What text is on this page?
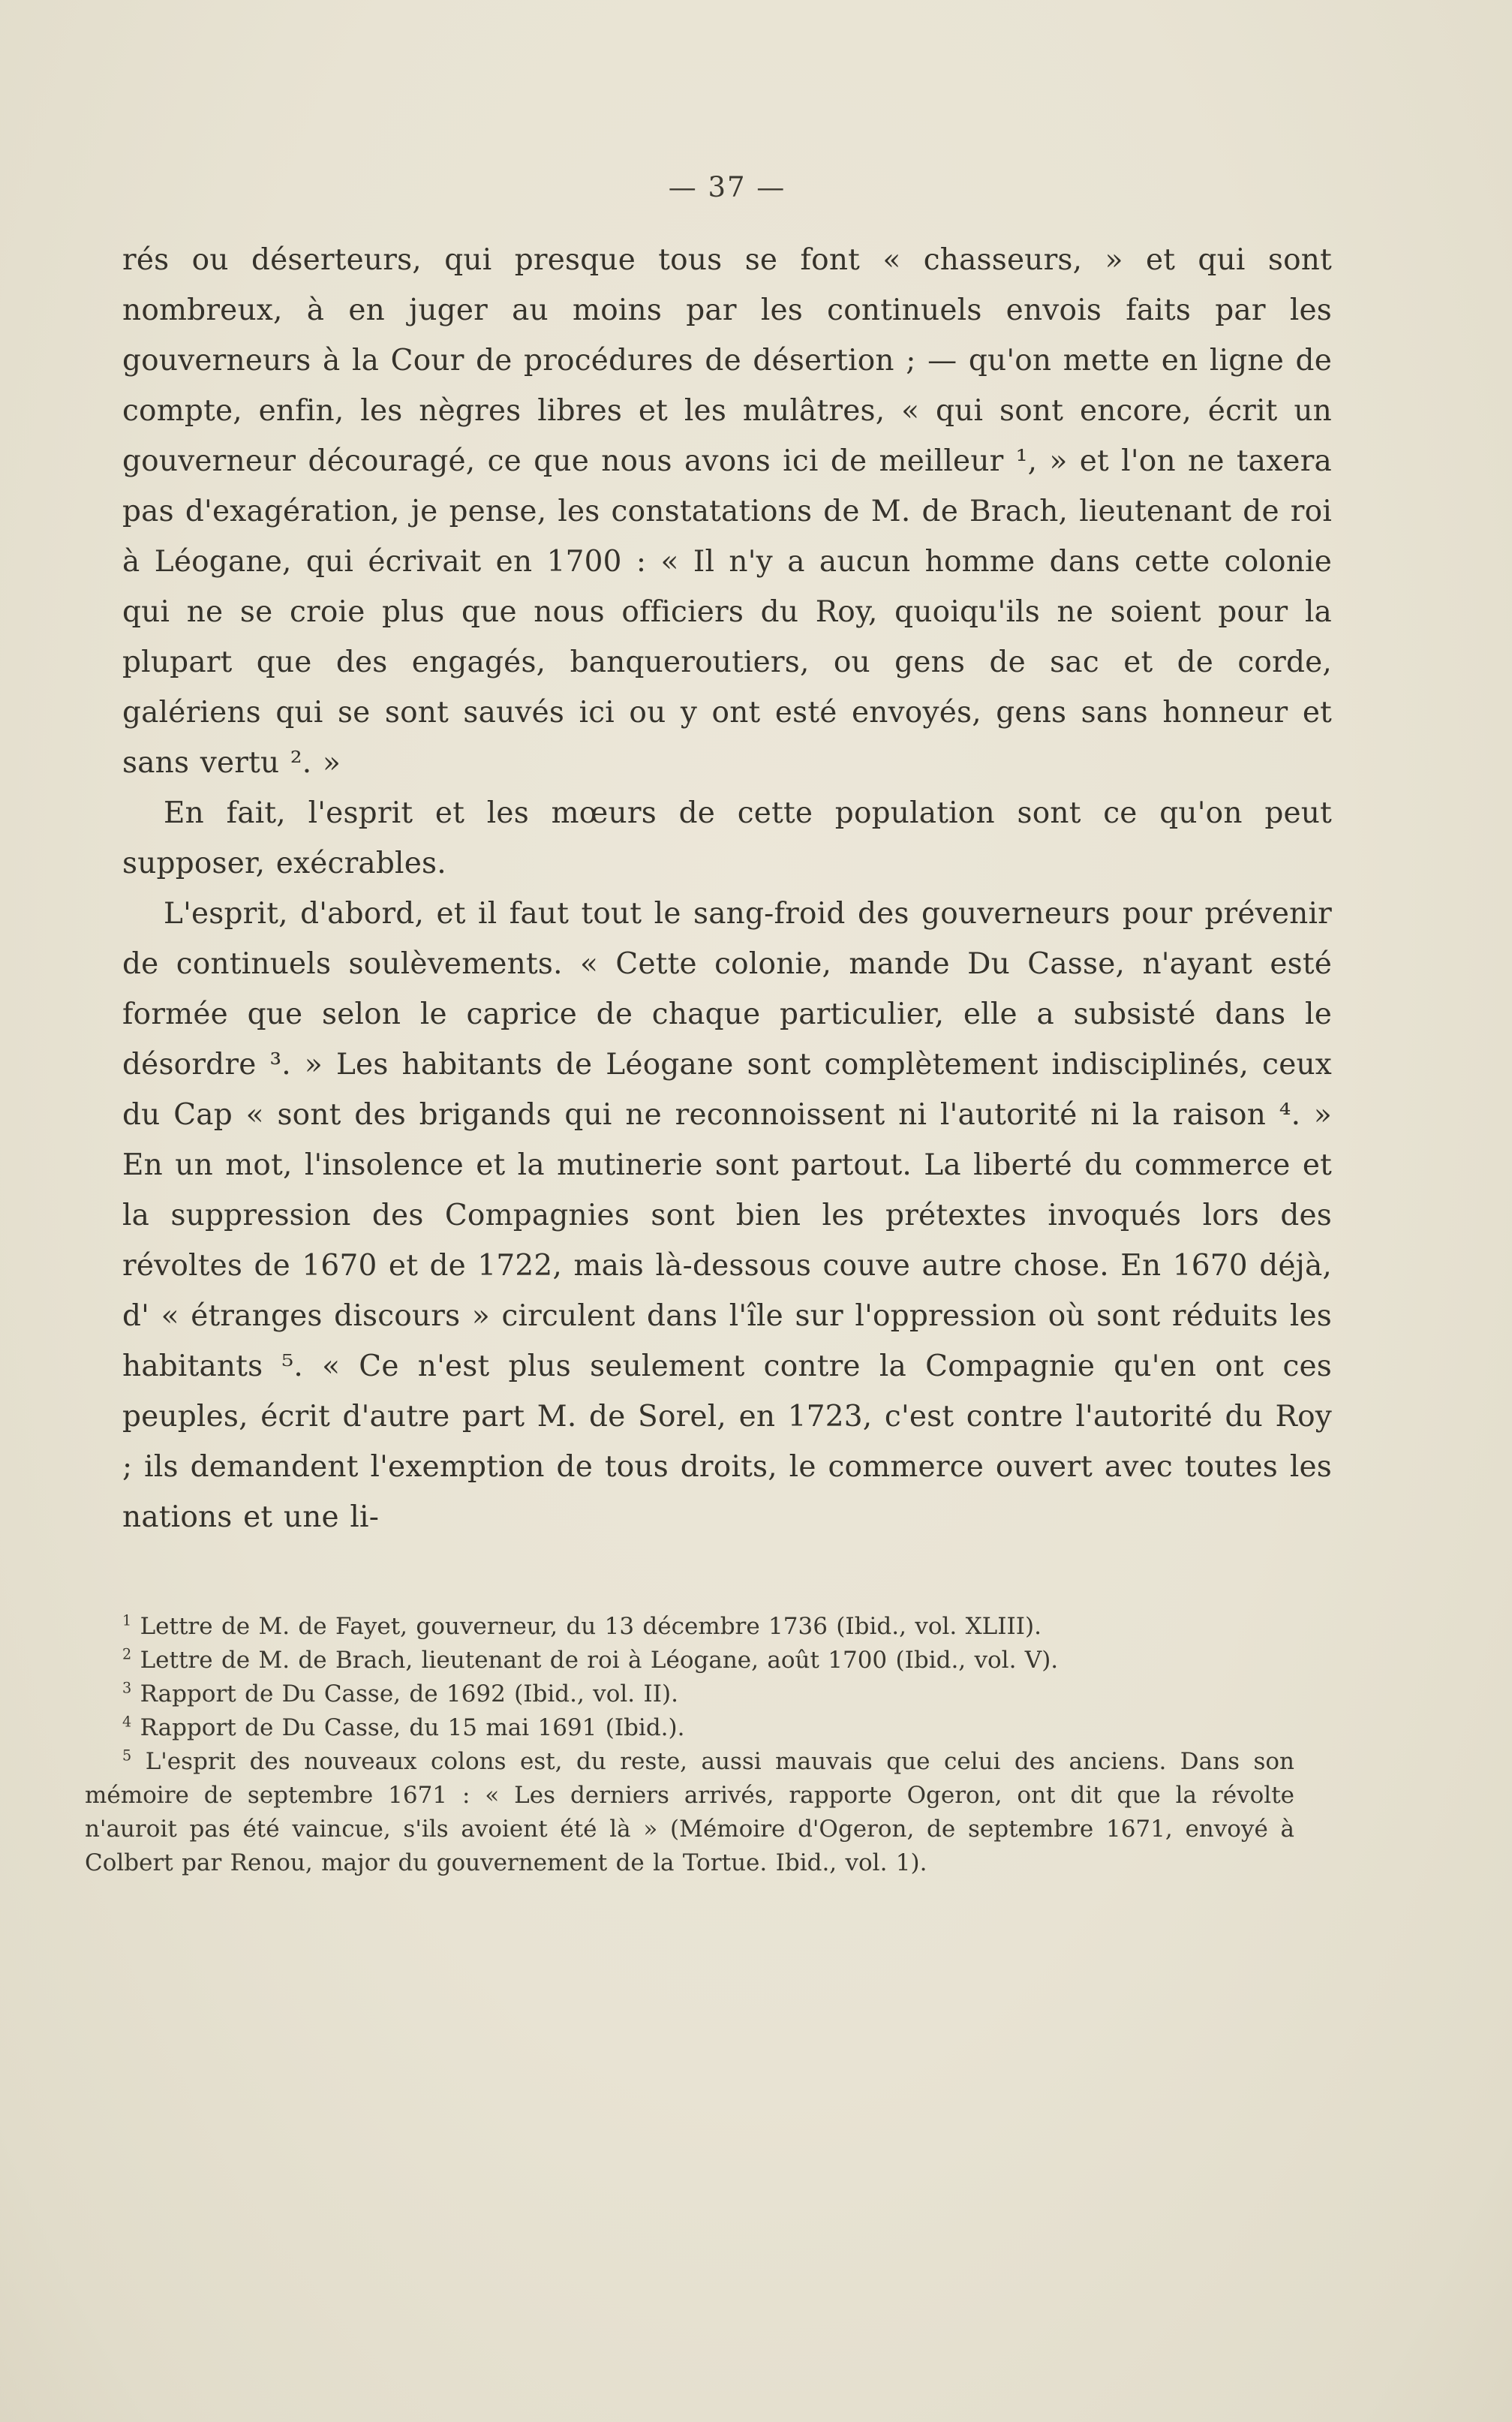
— 37 —

rés ou déserteurs, qui presque tous se font « chasseurs, » et qui sont nombreux, à en juger au moins par les continuels envois faits par les gouverneurs à la Cour de procédures de désertion ; — qu'on mette en ligne de compte, enfin, les nègres libres et les mulâtres, « qui sont encore, écrit un gouverneur découragé, ce que nous avons ici de meilleur ¹, » et l'on ne taxera pas d'exagération, je pense, les constatations de M. de Brach, lieutenant de roi à Léogane, qui écrivait en 1700 : « Il n'y a aucun homme dans cette colonie qui ne se croie plus que nous officiers du Roy, quoiqu'ils ne soient pour la plupart que des engagés, banqueroutiers, ou gens de sac et de corde, galériens qui se sont sauvés ici ou y ont esté envoyés, gens sans honneur et sans vertu ². »

En fait, l'esprit et les mœurs de cette population sont ce qu'on peut supposer, exécrables.

L'esprit, d'abord, et il faut tout le sang-froid des gouverneurs pour prévenir de continuels soulèvements. « Cette colonie, mande Du Casse, n'ayant esté formée que selon le caprice de chaque particulier, elle a subsisté dans le désordre ³. » Les habitants de Léogane sont complètement indisciplinés, ceux du Cap « sont des brigands qui ne reconnoissent ni l'autorité ni la raison ⁴. » En un mot, l'insolence et la mutinerie sont partout. La liberté du commerce et la suppression des Compagnies sont bien les prétextes invoqués lors des révoltes de 1670 et de 1722, mais là-dessous couve autre chose. En 1670 déjà, d' « étranges discours » circulent dans l'île sur l'oppression où sont réduits les habitants ⁵. « Ce n'est plus seulement contre la Compagnie qu'en ont ces peuples, écrit d'autre part M. de Sorel, en 1723, c'est contre l'autorité du Roy ; ils demandent l'exemption de tous droits, le commerce ouvert avec toutes les nations et une li-

$^1$ Lettre de M. de Fayet, gouverneur, du 13 décembre 1736 (Ibid., vol. XLIII).

$^2$ Lettre de M. de Brach, lieutenant de roi à Léogane, août 1700 (Ibid., vol. V).

$^3$ Rapport de Du Casse, de 1692 (Ibid., vol. II).

$^4$ Rapport de Du Casse, du 15 mai 1691 (Ibid.).

$^5$ L'esprit des nouveaux colons est, du reste, aussi mauvais que celui des anciens. Dans son mémoire de septembre 1671 : « Les derniers arrivés, rapporte Ogeron, ont dit que la révolte n'auroit pas été vaincue, s'ils avoient été là » (Mémoire d'Ogeron, de septembre 1671, envoyé à Colbert par Renou, major du gouvernement de la Tortue. Ibid., vol. 1).
